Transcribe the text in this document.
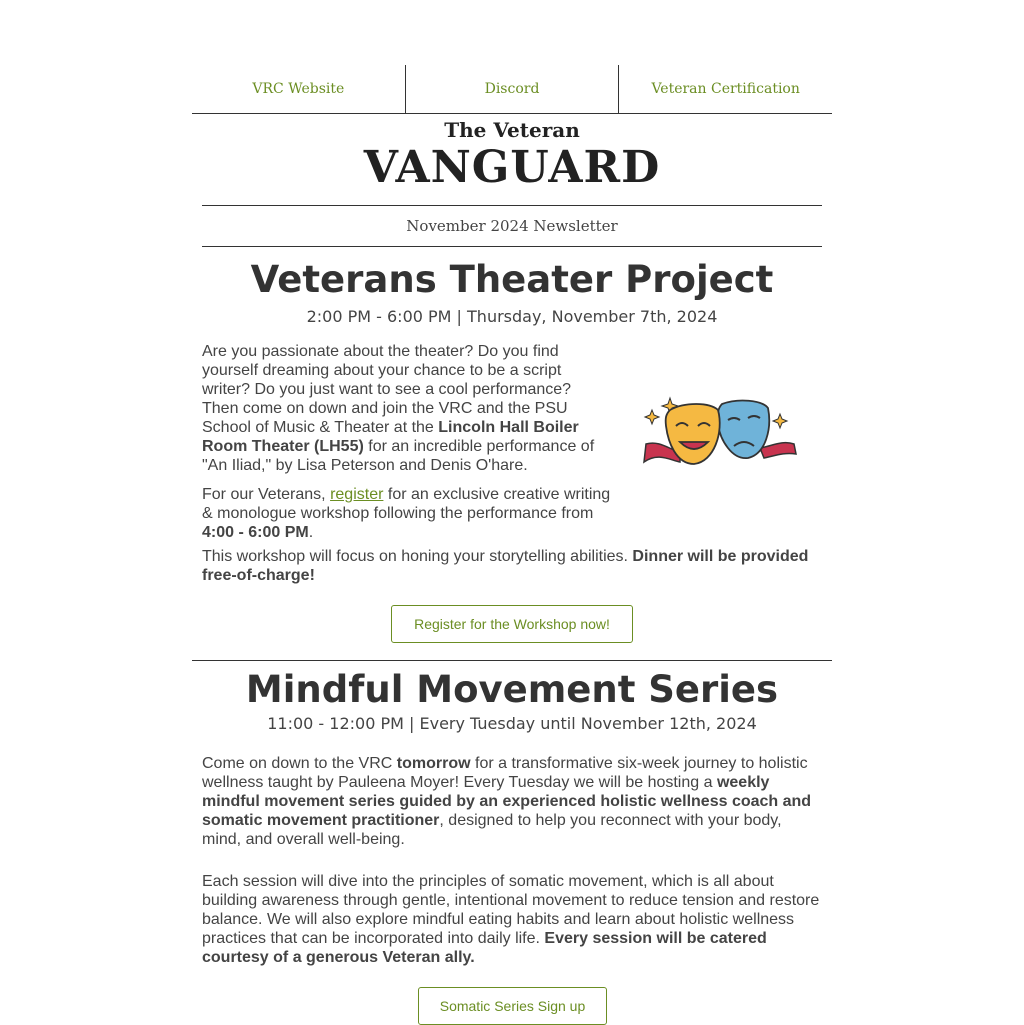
VRC Website	Discord	Veteran Certification
The Veteran
VANGUARD
November 2024 Newsletter
Veterans Theater Project
2:00 PM - 6:00 PM | Thursday, November 7th, 2024

Are you passionate about the theater? Do you find yourself dreaming about your chance to be a script writer? Do you just want to see a cool performance? Then come on down and join the VRC and the PSU School of Music & Theater at the Lincoln Hall Boiler Room Theater (LH55) for an incredible performance of "An Iliad," by Lisa Peterson and Denis O'hare.

For our Veterans, register for an exclusive creative writing & monologue workshop following the performance from 4:00 - 6:00 PM.

This workshop will focus on honing your storytelling abilities. Dinner will be provided free-of-charge!

Register for the Workshop now!
Mindful Movement Series
11:00 - 12:00 PM | Every Tuesday until November 12th, 2024

Come on down to the VRC tomorrow for a transformative six-week journey to holistic wellness taught by Pauleena Moyer! Every Tuesday we will be hosting a weekly mindful movement series guided by an experienced holistic wellness coach and somatic movement practitioner, designed to help you reconnect with your body, mind, and overall well-being.

Each session will dive into the principles of somatic movement, which is all about building awareness through gentle, intentional movement to reduce tension and restore balance. We will also explore mindful eating habits and learn about holistic wellness practices that can be incorporated into daily life. Every session will be catered courtesy of a generous Veteran ally.

Somatic Series Sign up
